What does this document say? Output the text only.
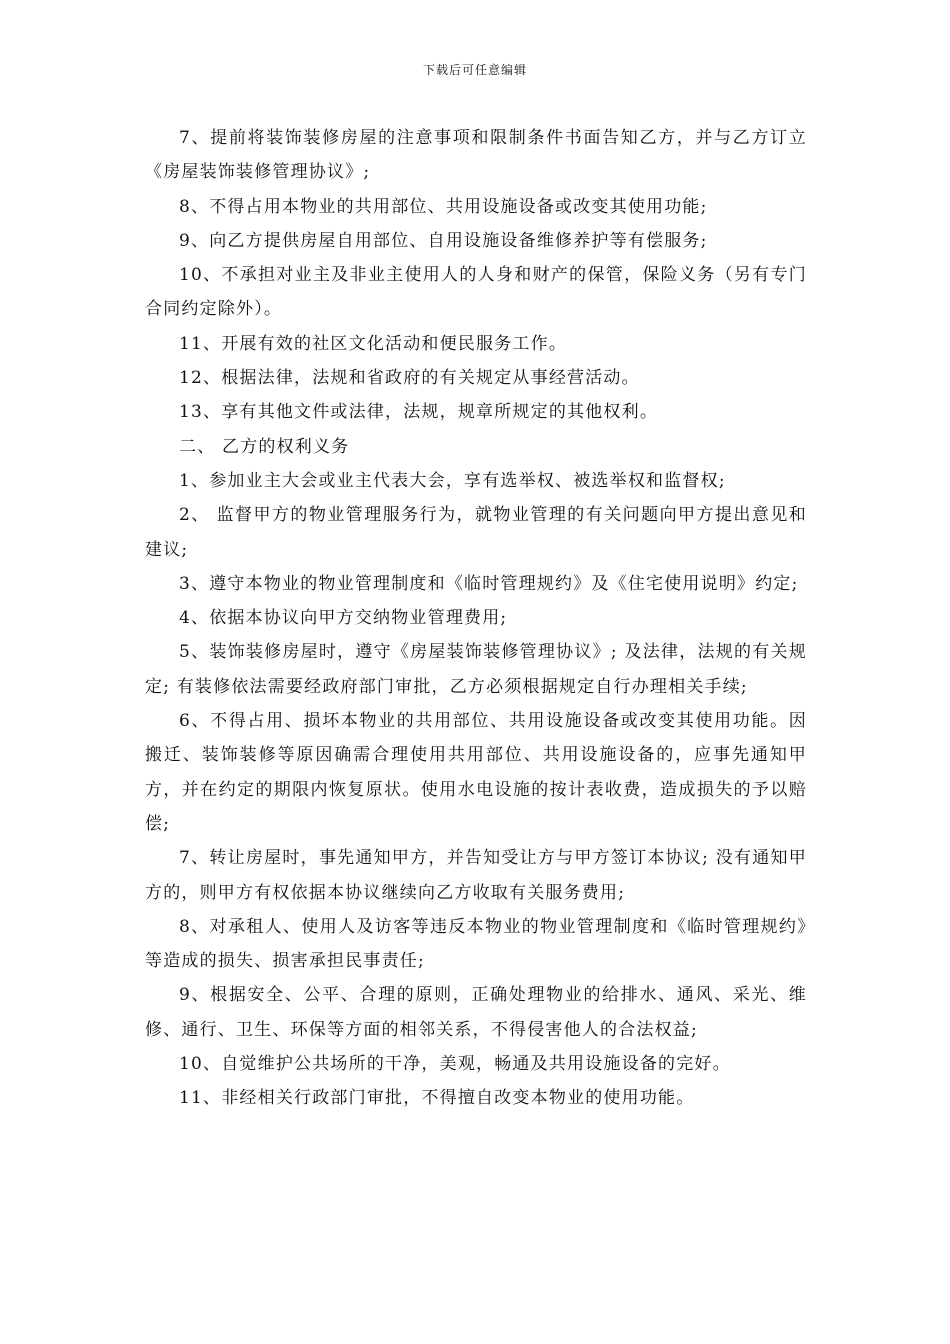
下载后可任意编辑

7、提前将装饰装修房屋的注意事项和限制条件书面告知乙方，并与乙方订立《房屋装饰装修管理协议》;

8、不得占用本物业的共用部位、共用设施设备或改变其使用功能;

9、向乙方提供房屋自用部位、自用设施设备维修养护等有偿服务;

10、不承担对业主及非业主使用人的人身和财产的保管，保险义务（另有专门合同约定除外）。

11、开展有效的社区文化活动和便民服务工作。

12、根据法律，法规和省政府的有关规定从事经营活动。

13、享有其他文件或法律，法规，规章所规定的其他权利。

二、 乙方的权利义务

1、参加业主大会或业主代表大会，享有选举权、被选举权和监督权;

2、 监督甲方的物业管理服务行为，就物业管理的有关问题向甲方提出意见和建议;

3、遵守本物业的物业管理制度和《临时管理规约》及《住宅使用说明》约定;

4、依据本协议向甲方交纳物业管理费用;

5、装饰装修房屋时，遵守《房屋装饰装修管理协议》; 及法律，法规的有关规定; 有装修依法需要经政府部门审批，乙方必须根据规定自行办理相关手续;

6、不得占用、损坏本物业的共用部位、共用设施设备或改变其使用功能。因搬迁、装饰装修等原因确需合理使用共用部位、共用设施设备的，应事先通知甲方，并在约定的期限内恢复原状。使用水电设施的按计表收费，造成损失的予以赔偿;

7、转让房屋时，事先通知甲方，并告知受让方与甲方签订本协议; 没有通知甲方的，则甲方有权依据本协议继续向乙方收取有关服务费用;

8、对承租人、使用人及访客等违反本物业的物业管理制度和《临时管理规约》等造成的损失、损害承担民事责任;

9、根据安全、公平、合理的原则，正确处理物业的给排水、通风、采光、维修、通行、卫生、环保等方面的相邻关系，不得侵害他人的合法权益;

10、自觉维护公共场所的干净，美观，畅通及共用设施设备的完好。

11、非经相关行政部门审批，不得擅自改变本物业的使用功能。
